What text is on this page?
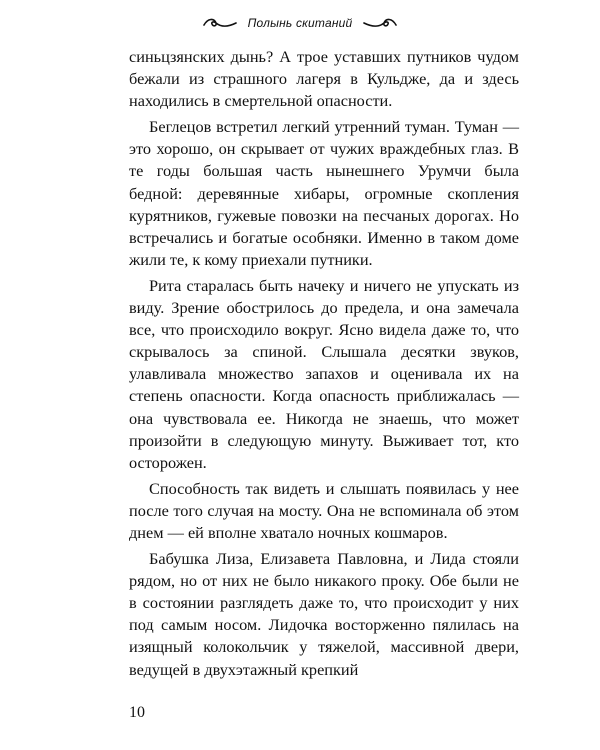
Полынь скитаний

синьцзянских дынь? А трое уставших путников чудом бежали из страшного лагеря в Кульдже, да и здесь находились в смертельной опасности.

Беглецов встретил легкий утренний туман. Туман — это хорошо, он скрывает от чужих враждебных глаз. В те годы большая часть нынешнего Урумчи была бедной: деревянные хибары, огромные скопления курятников, гужевые повозки на песчаных дорогах. Но встречались и богатые особняки. Именно в таком доме жили те, к кому приехали путники.

Рита старалась быть начеку и ничего не упускать из виду. Зрение обострилось до предела, и она замечала все, что происходило вокруг. Ясно видела даже то, что скрывалось за спиной. Слышала десятки звуков, улавливала множество запахов и оценивала их на степень опасности. Когда опасность приближалась — она чувствовала ее. Никогда не знаешь, что может произойти в следующую минуту. Выживает тот, кто осторожен.

Способность так видеть и слышать появилась у нее после того случая на мосту. Она не вспоминала об этом днем — ей вполне хватало ночных кошмаров.

Бабушка Лиза, Елизавета Павловна, и Лида стояли рядом, но от них не было никакого проку. Обе были не в состоянии разглядеть даже то, что происходит у них под самым носом. Лидочка восторженно пялилась на изящный колокольчик у тяжелой, массивной двери, ведущей в двухэтажный крепкий

10
